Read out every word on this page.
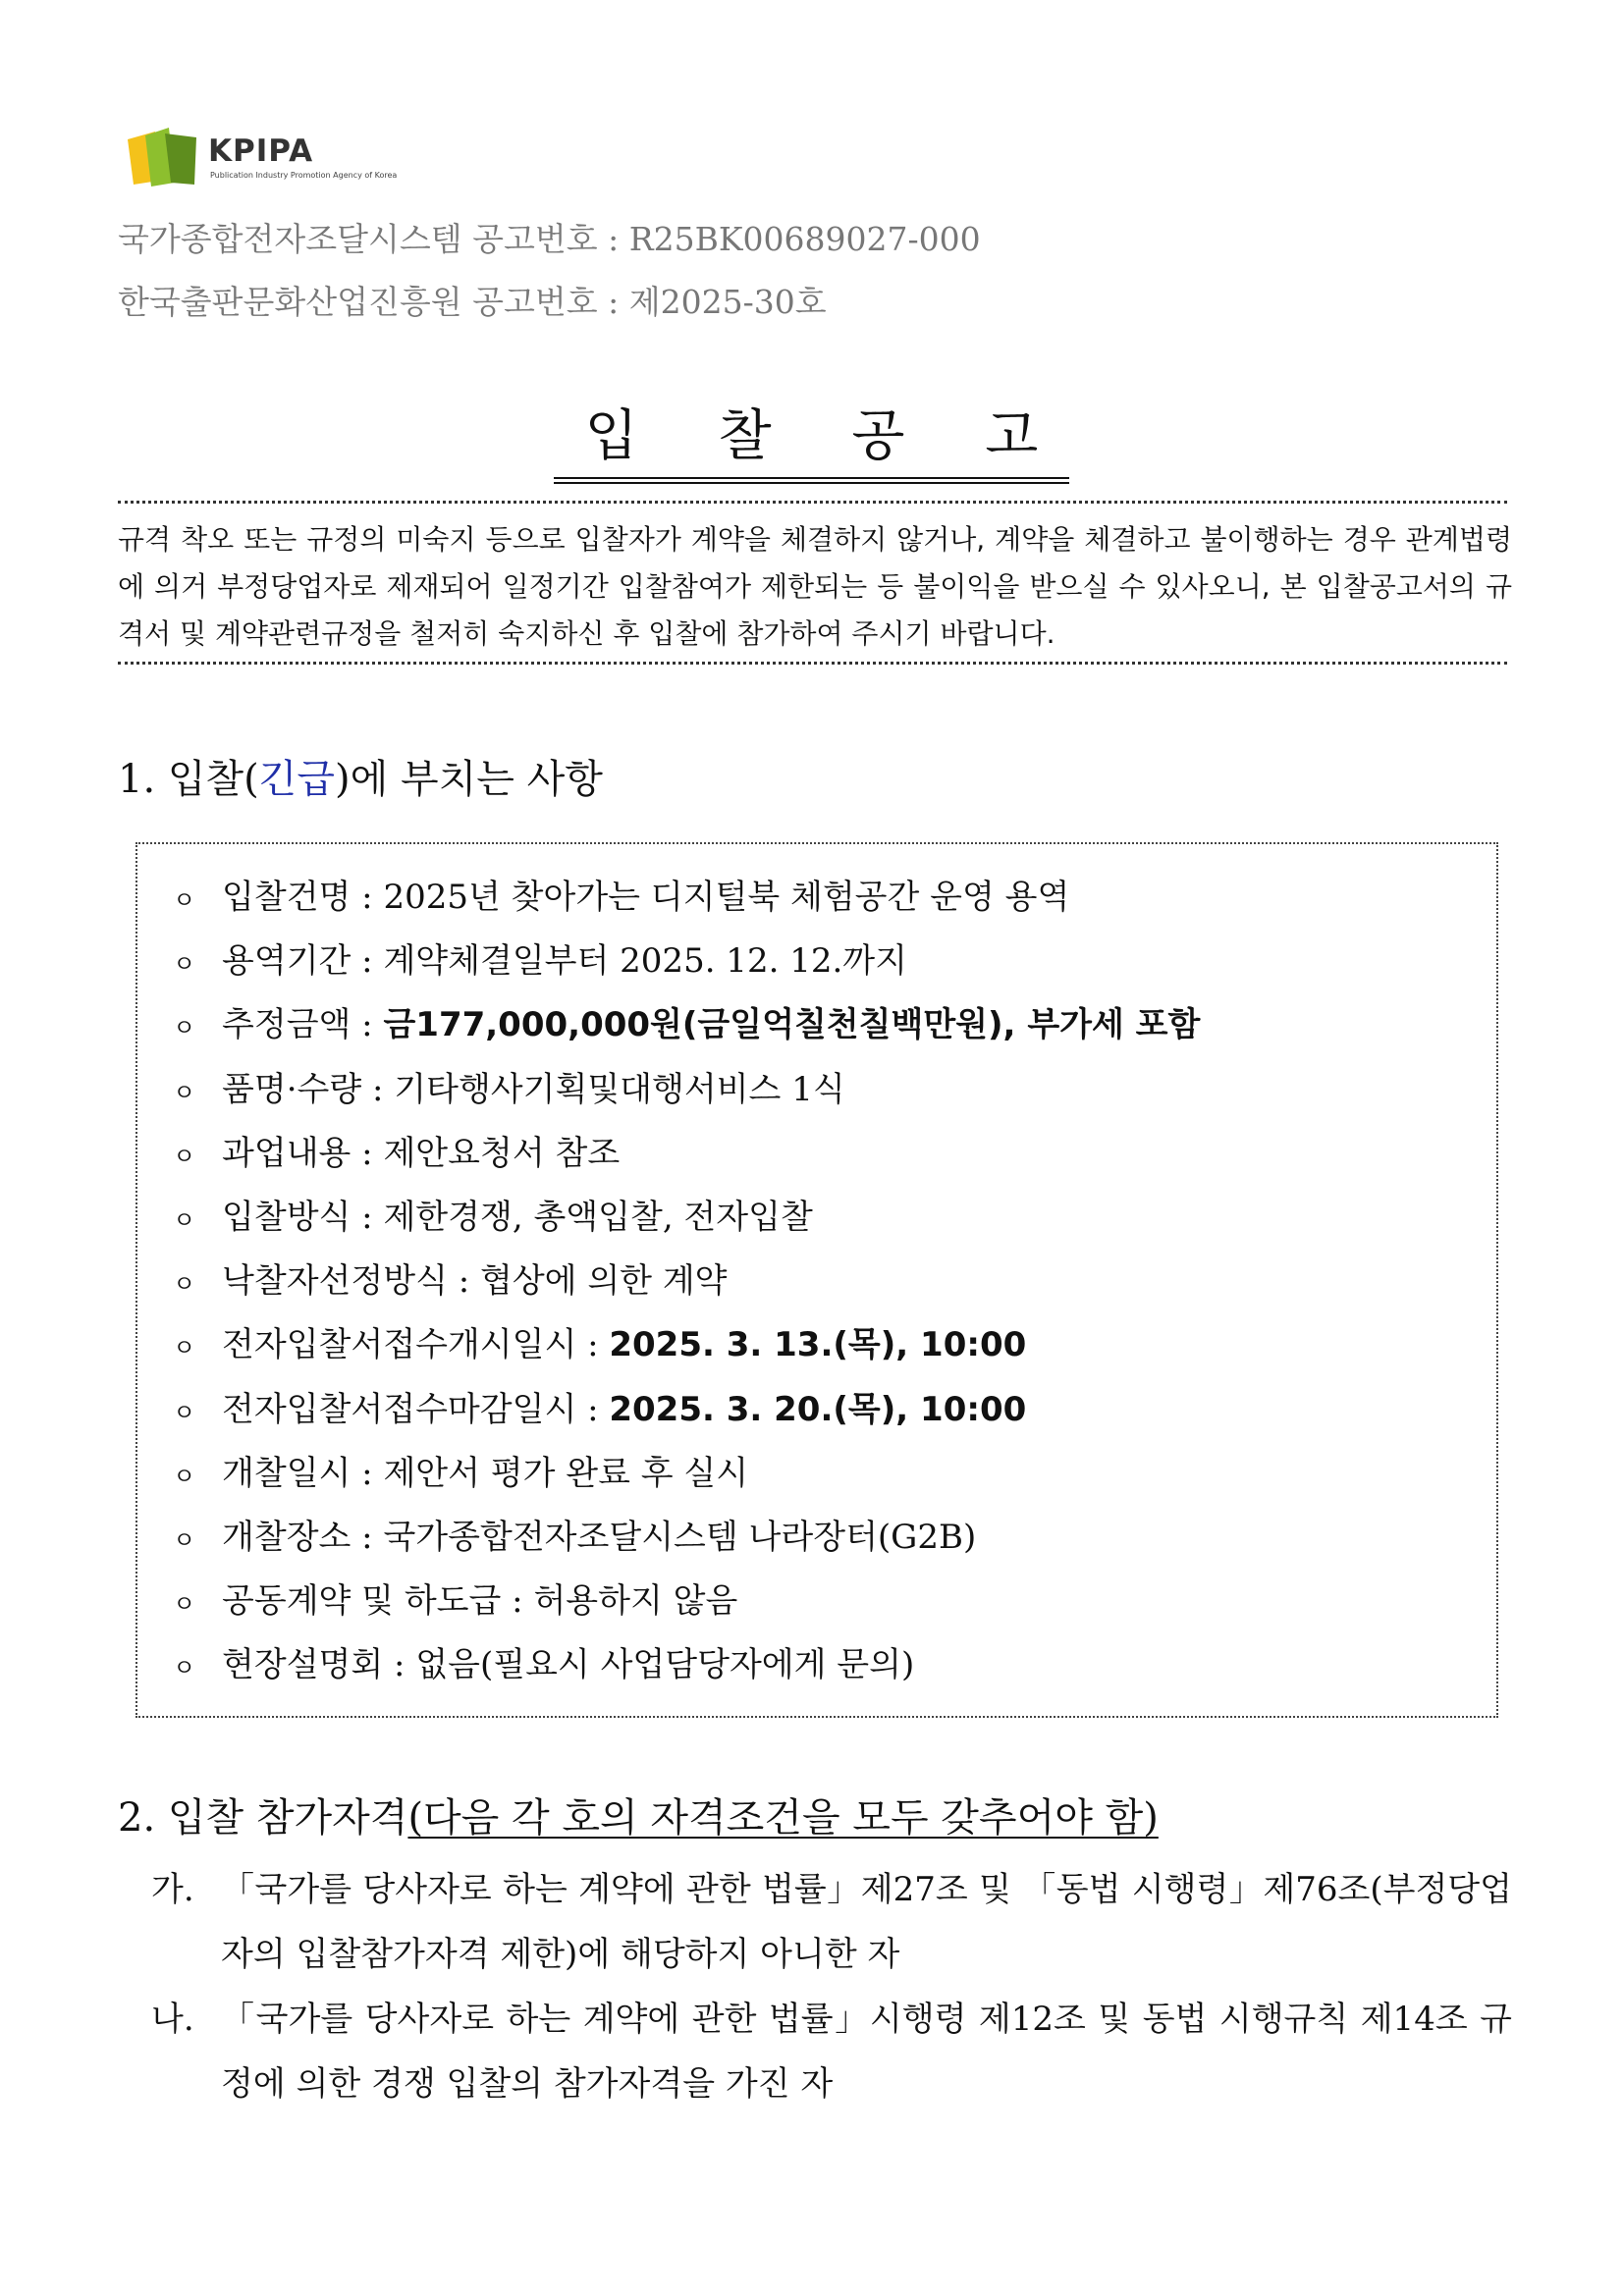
KPIPA
Publication Industry Promotion Agency of Korea
국가종합전자조달시스템 공고번호 : R25BK00689027-000
한국출판문화산업진흥원 공고번호 : 제2025-30호
입 찰 공 고
규격 착오 또는 규정의 미숙지 등으로 입찰자가 계약을 체결하지 않거나, 계약을 체결하고 불이행하는 경우 관계법령에 의거 부정당업자로 제재되어 일정기간 입찰참여가 제한되는 등 불이익을 받으실 수 있사오니, 본 입찰공고서의 규격서 및 계약관련규정을 철저히 숙지하신 후 입찰에 참가하여 주시기 바랍니다.
1. 입찰(긴급)에 부치는 사항
ㅇ 입찰건명 : 2025년 찾아가는 디지털북 체험공간 운영 용역
ㅇ 용역기간 : 계약체결일부터 2025. 12. 12.까지
ㅇ 추정금액 : 금177,000,000원(금일억칠천칠백만원), 부가세 포함
ㅇ 품명·수량 : 기타행사기획및대행서비스 1식
ㅇ 과업내용 : 제안요청서 참조
ㅇ 입찰방식 : 제한경쟁, 총액입찰, 전자입찰
ㅇ 낙찰자선정방식 : 협상에 의한 계약
ㅇ 전자입찰서접수개시일시 : 2025. 3. 13.(목), 10:00
ㅇ 전자입찰서접수마감일시 : 2025. 3. 20.(목), 10:00
ㅇ 개찰일시 : 제안서 평가 완료 후 실시
ㅇ 개찰장소 : 국가종합전자조달시스템 나라장터(G2B)
ㅇ 공동계약 및 하도급 : 허용하지 않음
ㅇ 현장설명회 : 없음(필요시 사업담당자에게 문의)
2. 입찰 참가자격(다음 각 호의 자격조건을 모두 갖추어야 함)
가. 「국가를 당사자로 하는 계약에 관한 법률」제27조 및 「동법 시행령」제76조(부정당업자의 입찰참가자격 제한)에 해당하지 아니한 자
나. 「국가를 당사자로 하는 계약에 관한 법률」시행령 제12조 및 동법 시행규칙 제14조 규정에 의한 경쟁 입찰의 참가자격을 가진 자
